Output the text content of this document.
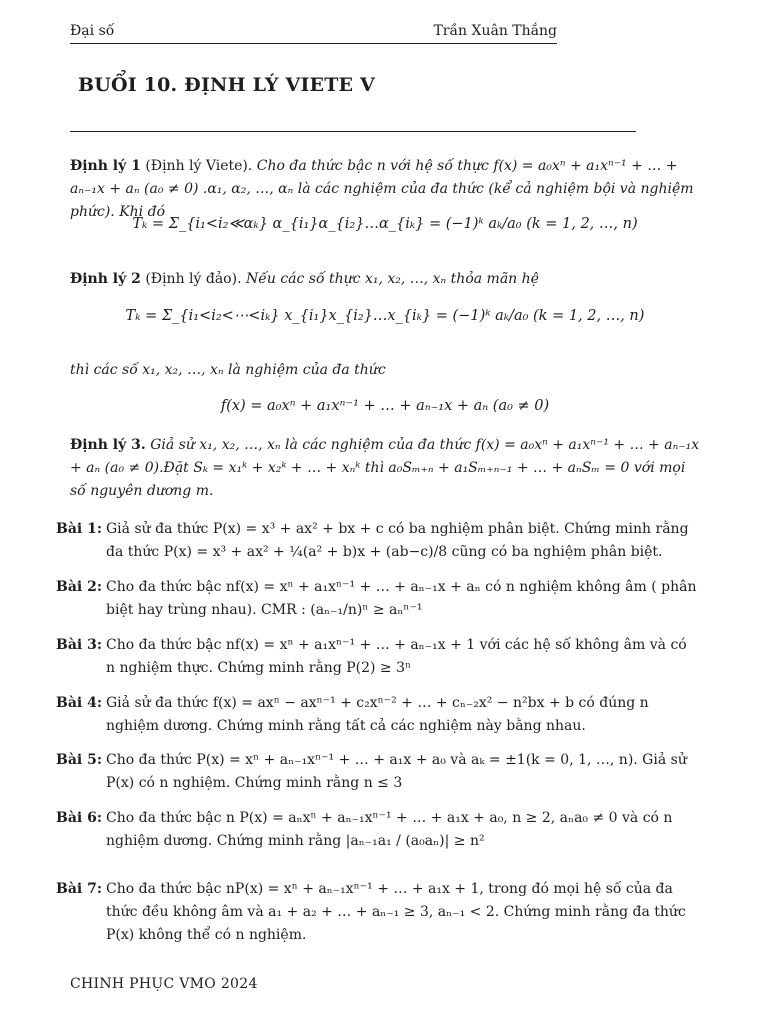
Đại số	Trần Xuân Thắng
BUỔI 10. ĐỊNH LÝ VIETE V
Định lý 1 (Định lý Viete). Cho đa thức bậc n với hệ số thực f(x) = a₀xⁿ + a₁xⁿ⁻¹ + … + aₙ₋₁x + aₙ (a₀ ≠ 0) .α₁, α₂, …, αₙ là các nghiệm của đa thức (kể cả nghiệm bội và nghiệm phức). Khi đó
Tₖ = Σ_{i₁<i₂≪αₖ} α_{i₁}α_{i₂}…α_{iₖ} = (−1)ᵏ aₖ/a₀ (k = 1, 2, …, n)
Định lý 2 (Định lý đảo). Nếu các số thực x₁, x₂, …, xₙ thỏa mãn hệ
Tₖ = Σ_{i₁<i₂<⋯<iₖ} x_{i₁}x_{i₂}…x_{iₖ} = (−1)ᵏ aₖ/a₀ (k = 1, 2, …, n)
thì các số x₁, x₂, …, xₙ là nghiệm của đa thức
f(x) = a₀xⁿ + a₁xⁿ⁻¹ + … + aₙ₋₁x + aₙ (a₀ ≠ 0)
Định lý 3. Giả sử x₁, x₂, …, xₙ là các nghiệm của đa thức f(x) = a₀xⁿ + a₁xⁿ⁻¹ + … + aₙ₋₁x + aₙ (a₀ ≠ 0).Đặt Sₖ = x₁ᵏ + x₂ᵏ + … + xₙᵏ thì a₀Sₘ₊ₙ + a₁Sₘ₊ₙ₋₁ + … + aₙSₘ = 0 với mọi số nguyên dương m.
Bài 1: Giả sử đa thức P(x) = x³ + ax² + bx + c có ba nghiệm phân biệt. Chứng minh rằng đa thức P(x) = x³ + ax² + ¼(a² + b)x + (ab−c)/8 cũng có ba nghiệm phân biệt.
Bài 2: Cho đa thức bậc nf(x) = xⁿ + a₁xⁿ⁻¹ + … + aₙ₋₁x + aₙ có n nghiệm không âm ( phân biệt hay trùng nhau). CMR : (aₙ₋₁/n)ⁿ ≥ aₙⁿ⁻¹
Bài 3: Cho đa thức bậc nf(x) = xⁿ + a₁xⁿ⁻¹ + … + aₙ₋₁x + 1 với các hệ số không âm và có n nghiệm thực. Chứng minh rằng P(2) ≥ 3ⁿ
Bài 4: Giả sử đa thức f(x) = axⁿ − axⁿ⁻¹ + c₂xⁿ⁻² + … + cₙ₋₂x² − n²bx + b có đúng n nghiệm dương. Chứng minh rằng tất cả các nghiệm này bằng nhau.
Bài 5: Cho đa thức P(x) = xⁿ + aₙ₋₁xⁿ⁻¹ + … + a₁x + a₀ và aₖ = ±1(k = 0, 1, …, n). Giả sử P(x) có n nghiệm. Chứng minh rằng n ≤ 3
Bài 6: Cho đa thức bậc n P(x) = aₙxⁿ + aₙ₋₁xⁿ⁻¹ + … + a₁x + a₀, n ≥ 2, aₙa₀ ≠ 0 và có n nghiệm dương. Chứng minh rằng |aₙ₋₁a₁ / (a₀aₙ)| ≥ n²
Bài 7: Cho đa thức bậc nP(x) = xⁿ + aₙ₋₁xⁿ⁻¹ + … + a₁x + 1, trong đó mọi hệ số của đa thức đều không âm và a₁ + a₂ + … + aₙ₋₁ ≥ 3, aₙ₋₁ < 2. Chứng minh rằng đa thức P(x) không thể có n nghiệm.
CHINH PHỤC VMO 2024
